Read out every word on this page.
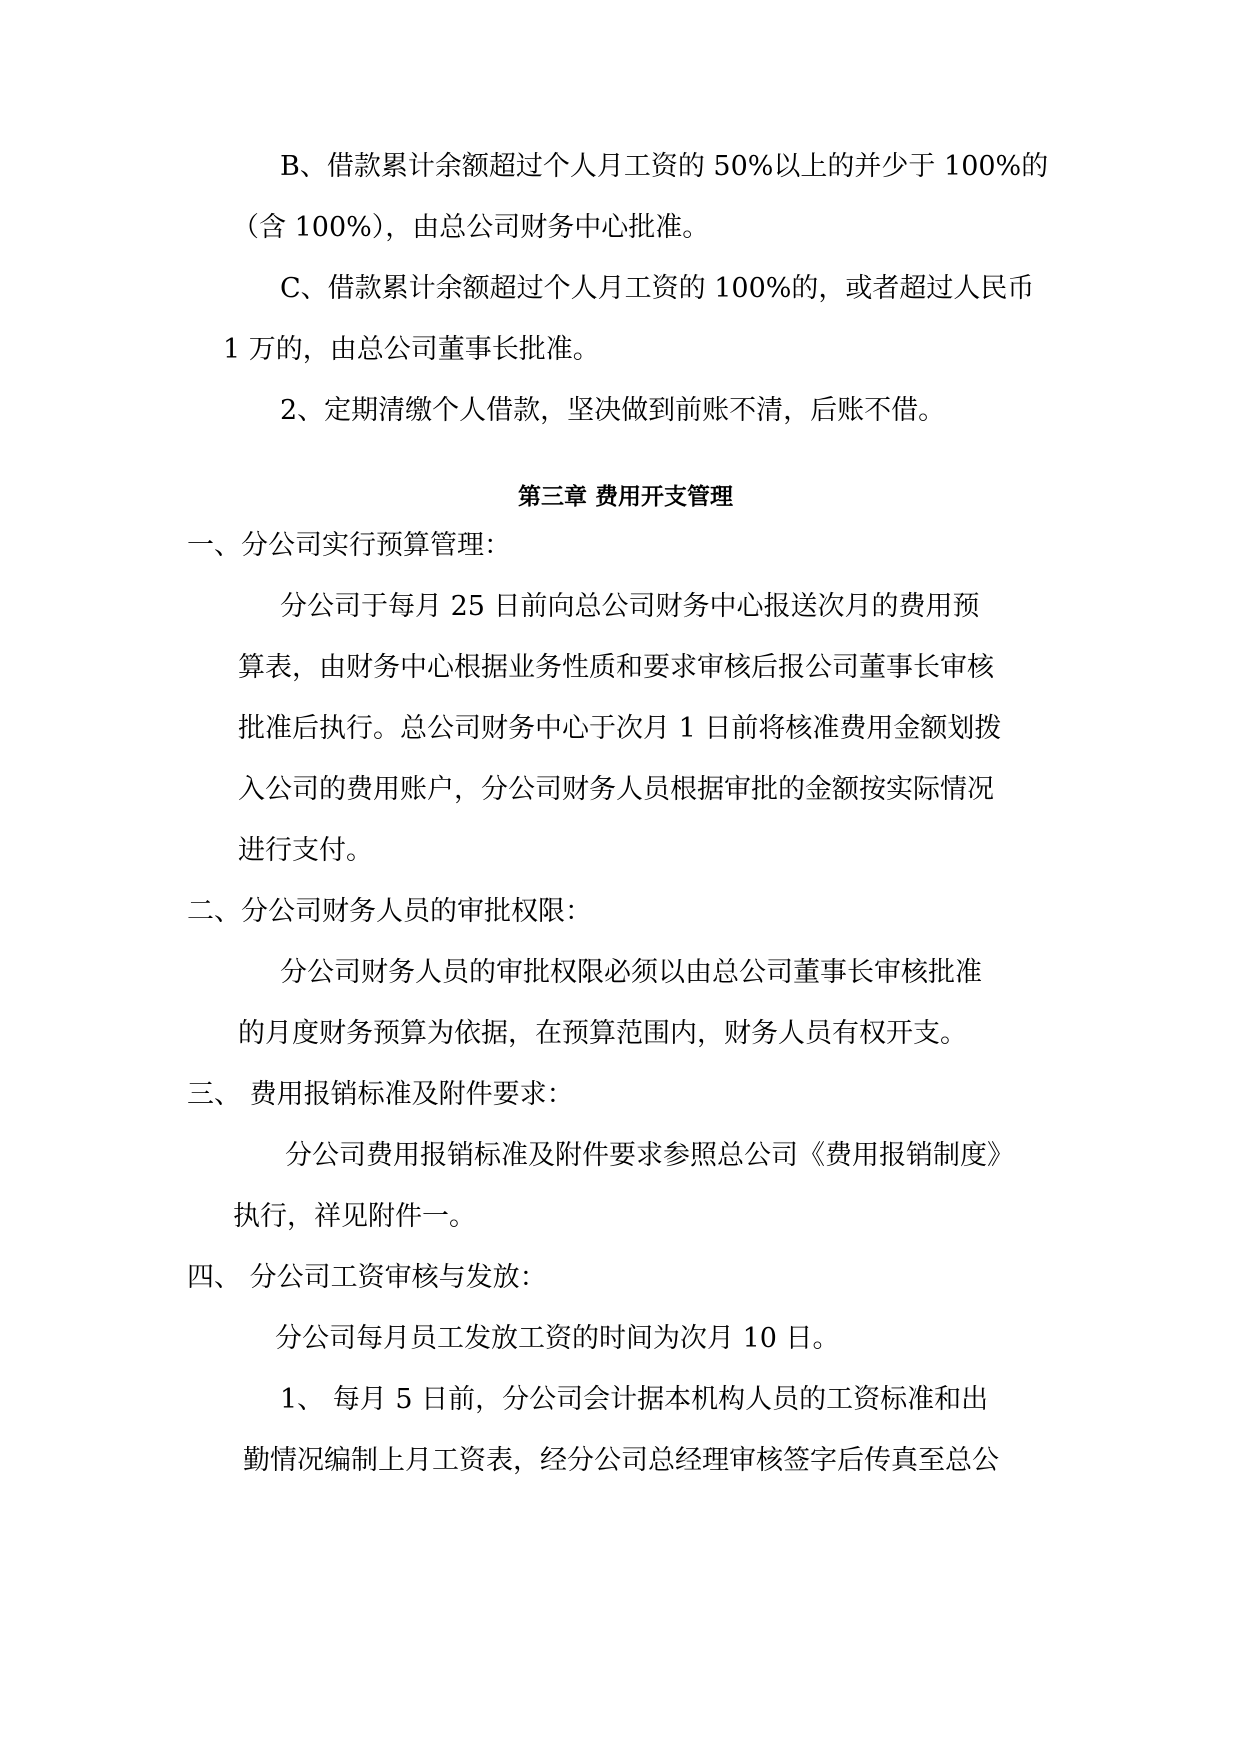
B、借款累计余额超过个人月工资的 50%以上的并少于 100%的
（含 100%），由总公司财务中心批准。
C、借款累计余额超过个人月工资的 100%的，或者超过人民币
1 万的，由总公司董事长批准。
2、定期清缴个人借款，坚决做到前账不清，后账不借。
第三章 费用开支管理
一、分公司实行预算管理：
分公司于每月 25 日前向总公司财务中心报送次月的费用预
算表，由财务中心根据业务性质和要求审核后报公司董事长审核
批准后执行。总公司财务中心于次月 1 日前将核准费用金额划拨
入公司的费用账户，分公司财务人员根据审批的金额按实际情况
进行支付。
二、分公司财务人员的审批权限：
分公司财务人员的审批权限必须以由总公司董事长审核批准
的月度财务预算为依据，在预算范围内，财务人员有权开支。
三、 费用报销标准及附件要求：
分公司费用报销标准及附件要求参照总公司《费用报销制度》
执行，祥见附件一。
四、 分公司工资审核与发放：
分公司每月员工发放工资的时间为次月 10 日。
1、 每月 5 日前，分公司会计据本机构人员的工资标准和出
勤情况编制上月工资表，经分公司总经理审核签字后传真至总公
